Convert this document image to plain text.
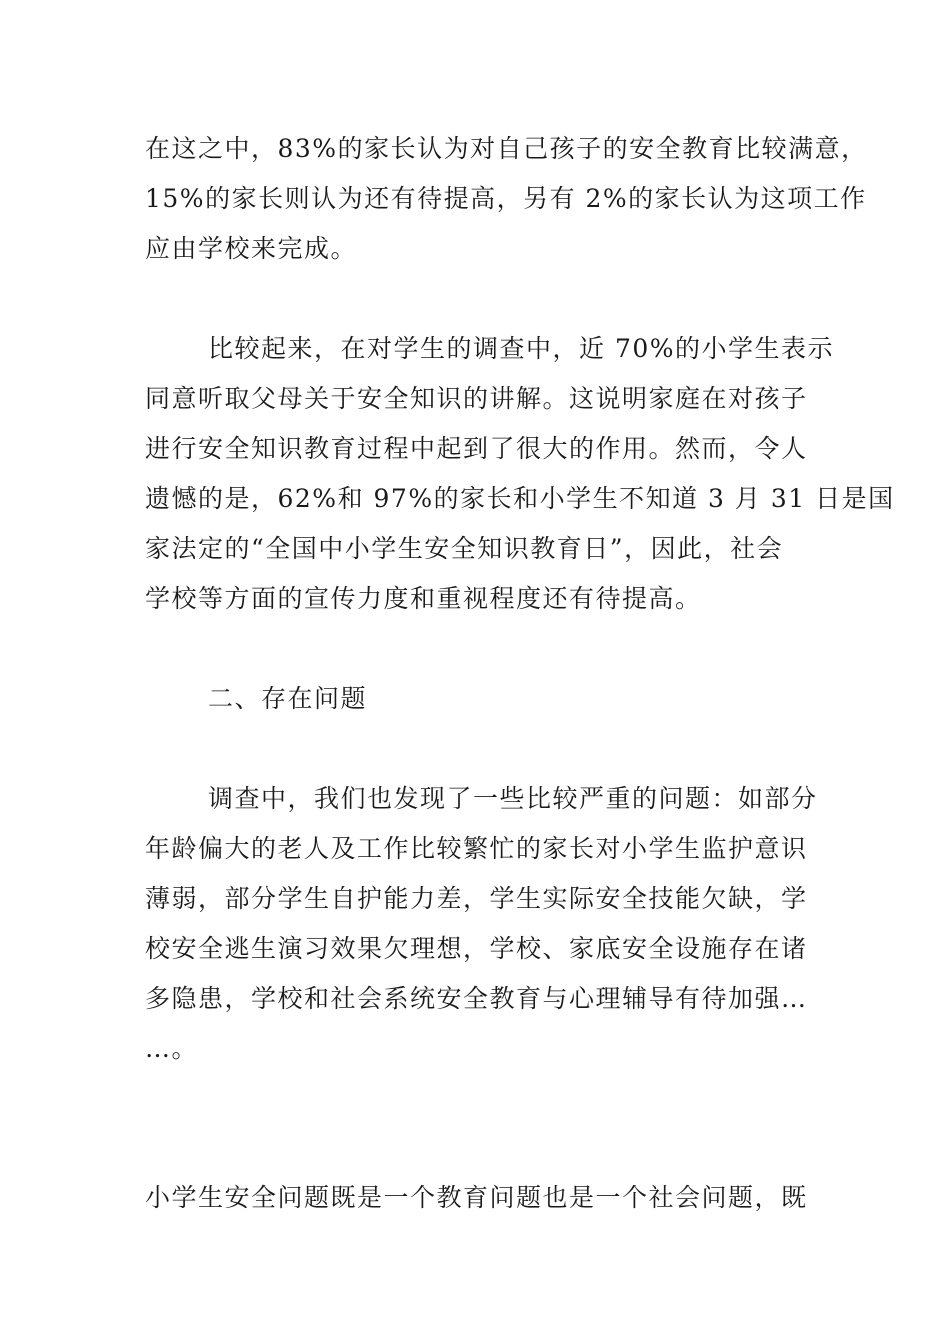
在这之中，83%的家长认为对自己孩子的安全教育比较满意，
15%的家长则认为还有待提高，另有 2%的家长认为这项工作
应由学校来完成。
比较起来，在对学生的调查中，近 70%的小学生表示
同意听取父母关于安全知识的讲解。这说明家庭在对孩子
进行安全知识教育过程中起到了很大的作用。然而，令人
遗憾的是，62%和 97%的家长和小学生不知道 3 月 31 日是国
家法定的“全国中小学生安全知识教育日”，因此，社会
学校等方面的宣传力度和重视程度还有待提高。
二、存在问题
调查中，我们也发现了一些比较严重的问题：如部分
年龄偏大的老人及工作比较繁忙的家长对小学生监护意识
薄弱，部分学生自护能力差，学生实际安全技能欠缺，学
校安全逃生演习效果欠理想，学校、家底安全设施存在诸
多隐患，学校和社会系统安全教育与心理辅导有待加强…
…。
小学生安全问题既是一个教育问题也是一个社会问题，既
